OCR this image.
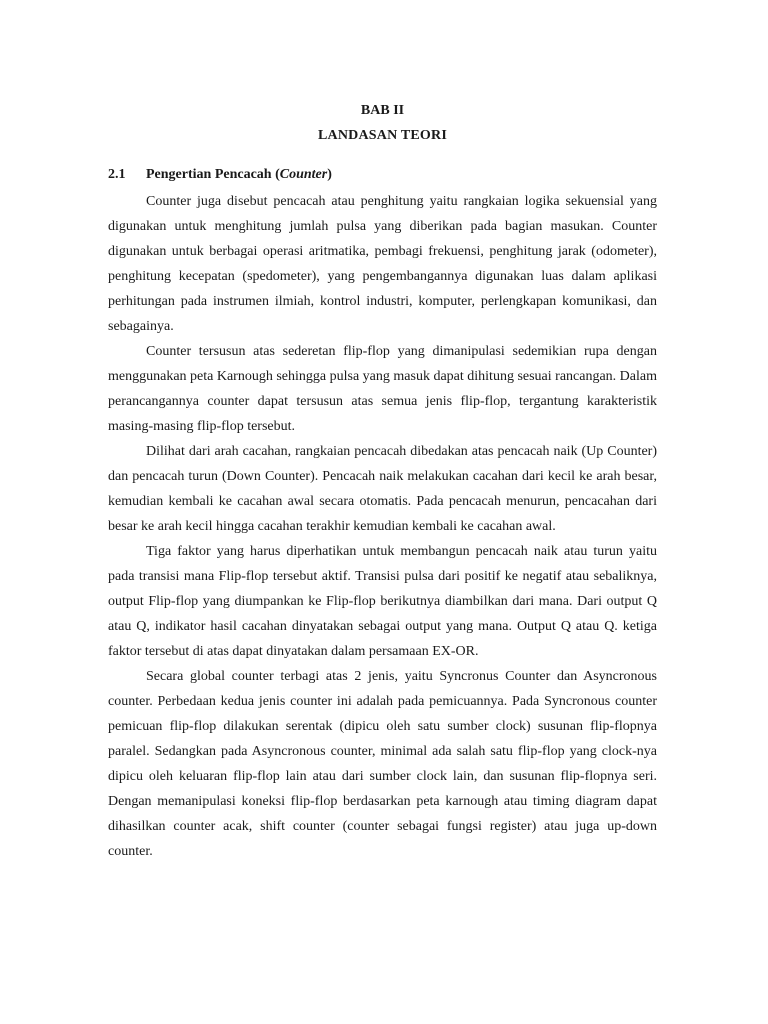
BAB II
LANDASAN TEORI
2.1 Pengertian Pencacah (Counter)

Counter juga disebut pencacah atau penghitung yaitu rangkaian logika sekuensial yang digunakan untuk menghitung jumlah pulsa yang diberikan pada bagian masukan. Counter digunakan untuk berbagai operasi aritmatika, pembagi frekuensi, penghitung jarak (odometer), penghitung kecepatan (spedometer), yang pengembangannya digunakan luas dalam aplikasi perhitungan pada instrumen ilmiah, kontrol industri, komputer, perlengkapan komunikasi, dan sebagainya.

Counter tersusun atas sederetan flip-flop yang dimanipulasi sedemikian rupa dengan menggunakan peta Karnough sehingga pulsa yang masuk dapat dihitung sesuai rancangan. Dalam perancangannya counter dapat tersusun atas semua jenis flip-flop, tergantung karakteristik masing-masing flip-flop tersebut.

Dilihat dari arah cacahan, rangkaian pencacah dibedakan atas pencacah naik (Up Counter) dan pencacah turun (Down Counter). Pencacah naik melakukan cacahan dari kecil ke arah besar, kemudian kembali ke cacahan awal secara otomatis. Pada pencacah menurun, pencacahan dari besar ke arah kecil hingga cacahan terakhir kemudian kembali ke cacahan awal.

Tiga faktor yang harus diperhatikan untuk membangun pencacah naik atau turun yaitu pada transisi mana Flip-flop tersebut aktif. Transisi pulsa dari positif ke negatif atau sebaliknya, output Flip-flop yang diumpankan ke Flip-flop berikutnya diambilkan dari mana. Dari output Q atau Q, indikator hasil cacahan dinyatakan sebagai output yang mana. Output Q atau Q. ketiga faktor tersebut di atas dapat dinyatakan dalam persamaan EX-OR.

Secara global counter terbagi atas 2 jenis, yaitu Syncronus Counter dan Asyncronous counter. Perbedaan kedua jenis counter ini adalah pada pemicuannya. Pada Syncronous counter pemicuan flip-flop dilakukan serentak (dipicu oleh satu sumber clock) susunan flip-flopnya paralel. Sedangkan pada Asyncronous counter, minimal ada salah satu flip-flop yang clock-nya dipicu oleh keluaran flip-flop lain atau dari sumber clock lain, dan susunan flip-flopnya seri. Dengan memanipulasi koneksi flip-flop berdasarkan peta karnough atau timing diagram dapat dihasilkan counter acak, shift counter (counter sebagai fungsi register) atau juga up-down counter.
